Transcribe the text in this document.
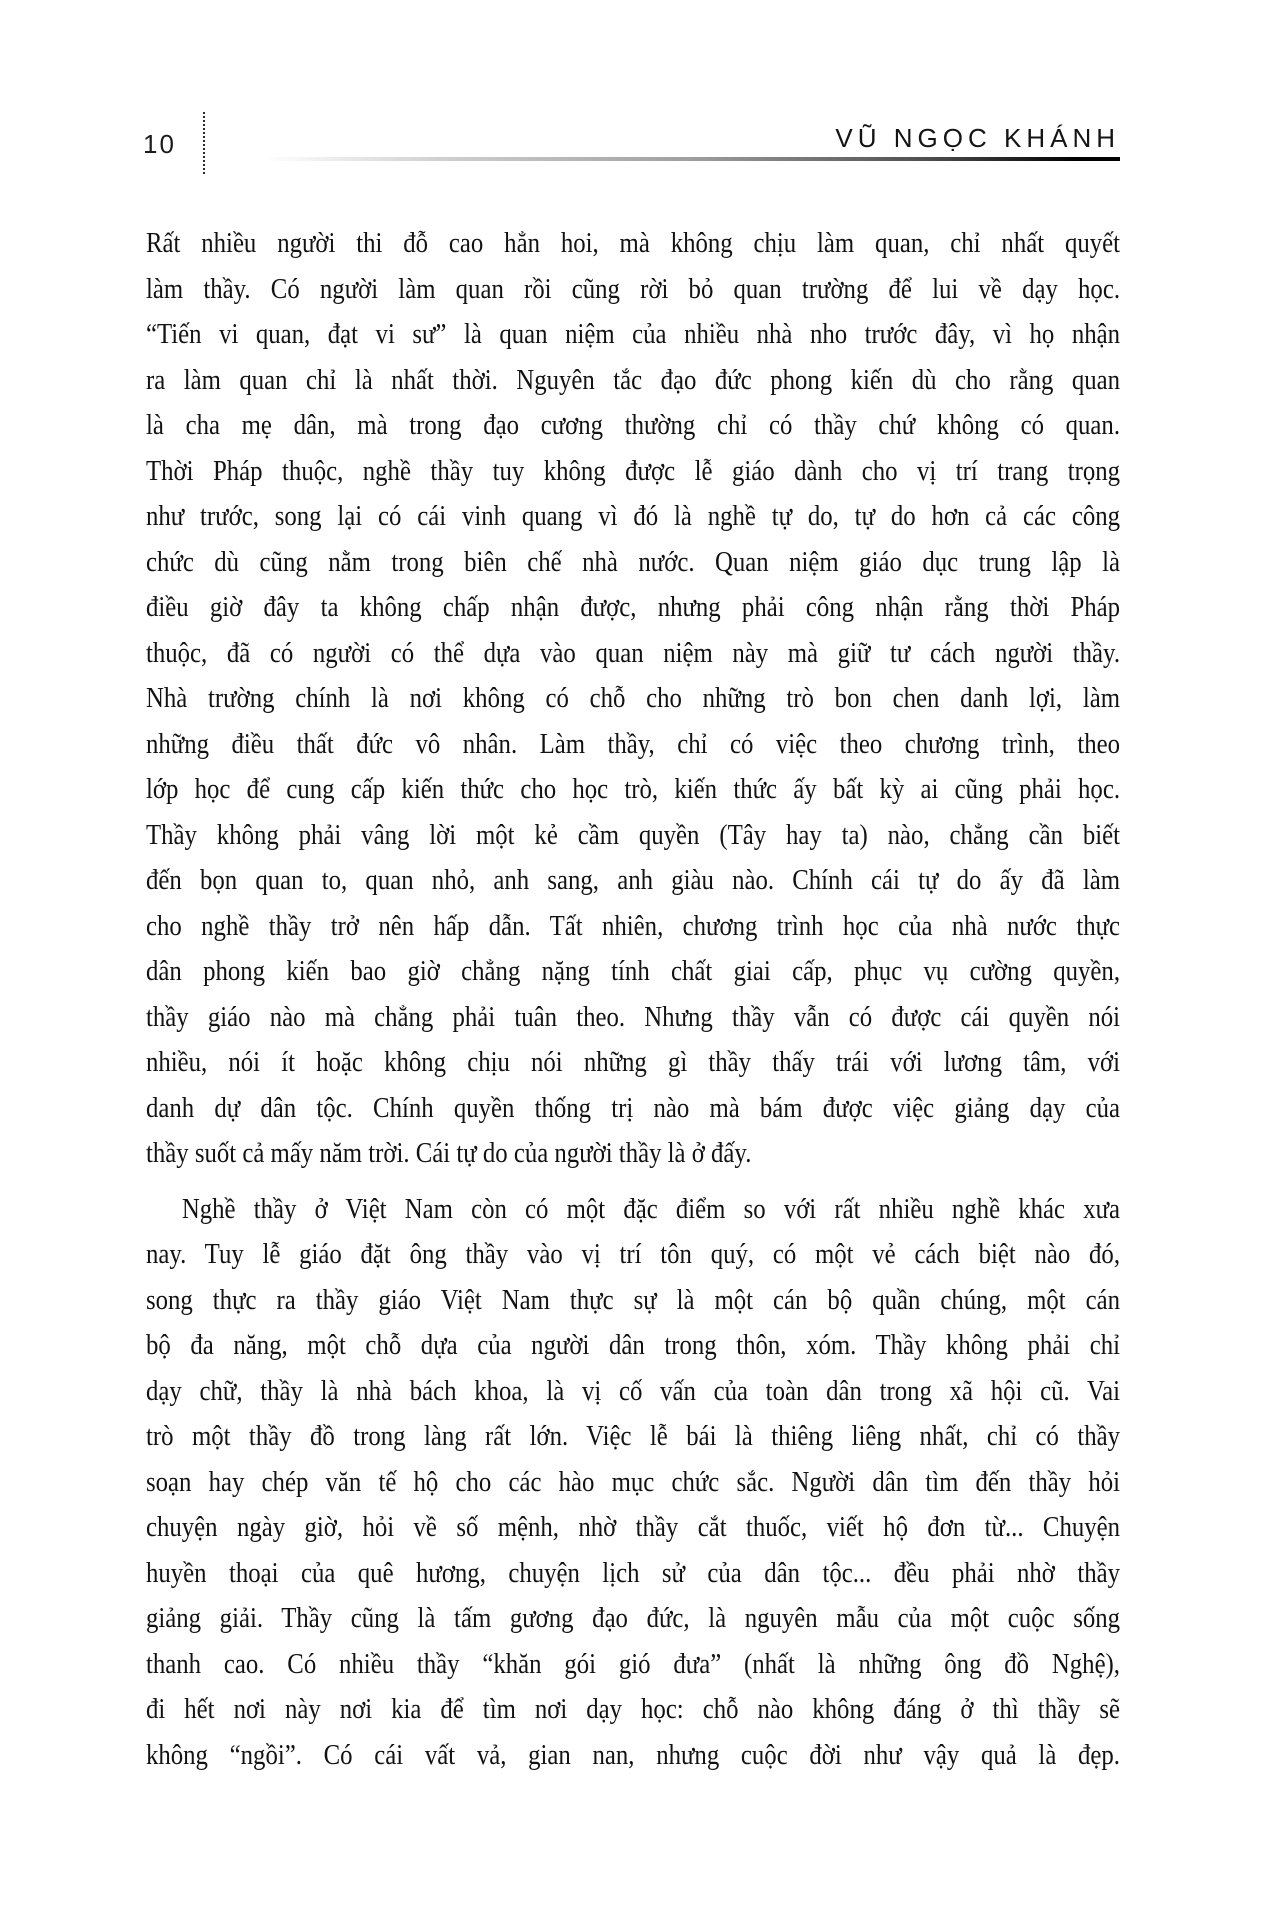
10	VŨ NGỌC KHÁNH
Rất nhiều người thi đỗ cao hẳn hoi, mà không chịu làm quan, chỉ nhất quyết
làm thầy. Có người làm quan rồi cũng rời bỏ quan trường để lui về dạy học.
“Tiến vi quan, đạt vi sư” là quan niệm của nhiều nhà nho trước đây, vì họ nhận
ra làm quan chỉ là nhất thời. Nguyên tắc đạo đức phong kiến dù cho rằng quan
là cha mẹ dân, mà trong đạo cương thường chỉ có thầy chứ không có quan.
Thời Pháp thuộc, nghề thầy tuy không được lễ giáo dành cho vị trí trang trọng
như trước, song lại có cái vinh quang vì đó là nghề tự do, tự do hơn cả các công
chức dù cũng nằm trong biên chế nhà nước. Quan niệm giáo dục trung lập là
điều giờ đây ta không chấp nhận được, nhưng phải công nhận rằng thời Pháp
thuộc, đã có người có thể dựa vào quan niệm này mà giữ tư cách người thầy.
Nhà trường chính là nơi không có chỗ cho những trò bon chen danh lợi, làm
những điều thất đức vô nhân. Làm thầy, chỉ có việc theo chương trình, theo
lớp học để cung cấp kiến thức cho học trò, kiến thức ấy bất kỳ ai cũng phải học.
Thầy không phải vâng lời một kẻ cầm quyền (Tây hay ta) nào, chẳng cần biết
đến bọn quan to, quan nhỏ, anh sang, anh giàu nào. Chính cái tự do ấy đã làm
cho nghề thầy trở nên hấp dẫn. Tất nhiên, chương trình học của nhà nước thực
dân phong kiến bao giờ chẳng nặng tính chất giai cấp, phục vụ cường quyền,
thầy giáo nào mà chẳng phải tuân theo. Nhưng thầy vẫn có được cái quyền nói
nhiều, nói ít hoặc không chịu nói những gì thầy thấy trái với lương tâm, với
danh dự dân tộc. Chính quyền thống trị nào mà bám được việc giảng dạy của
thầy suốt cả mấy năm trời. Cái tự do của người thầy là ở đấy.
Nghề thầy ở Việt Nam còn có một đặc điểm so với rất nhiều nghề khác xưa
nay. Tuy lễ giáo đặt ông thầy vào vị trí tôn quý, có một vẻ cách biệt nào đó,
song thực ra thầy giáo Việt Nam thực sự là một cán bộ quần chúng, một cán
bộ đa năng, một chỗ dựa của người dân trong thôn, xóm. Thầy không phải chỉ
dạy chữ, thầy là nhà bách khoa, là vị cố vấn của toàn dân trong xã hội cũ. Vai
trò một thầy đồ trong làng rất lớn. Việc lễ bái là thiêng liêng nhất, chỉ có thầy
soạn hay chép văn tế hộ cho các hào mục chức sắc. Người dân tìm đến thầy hỏi
chuyện ngày giờ, hỏi về số mệnh, nhờ thầy cắt thuốc, viết hộ đơn từ... Chuyện
huyền thoại của quê hương, chuyện lịch sử của dân tộc... đều phải nhờ thầy
giảng giải. Thầy cũng là tấm gương đạo đức, là nguyên mẫu của một cuộc sống
thanh cao. Có nhiều thầy “khăn gói gió đưa” (nhất là những ông đồ Nghệ),
đi hết nơi này nơi kia để tìm nơi dạy học: chỗ nào không đáng ở thì thầy sẽ
không “ngồi”. Có cái vất vả, gian nan, nhưng cuộc đời như vậy quả là đẹp.
